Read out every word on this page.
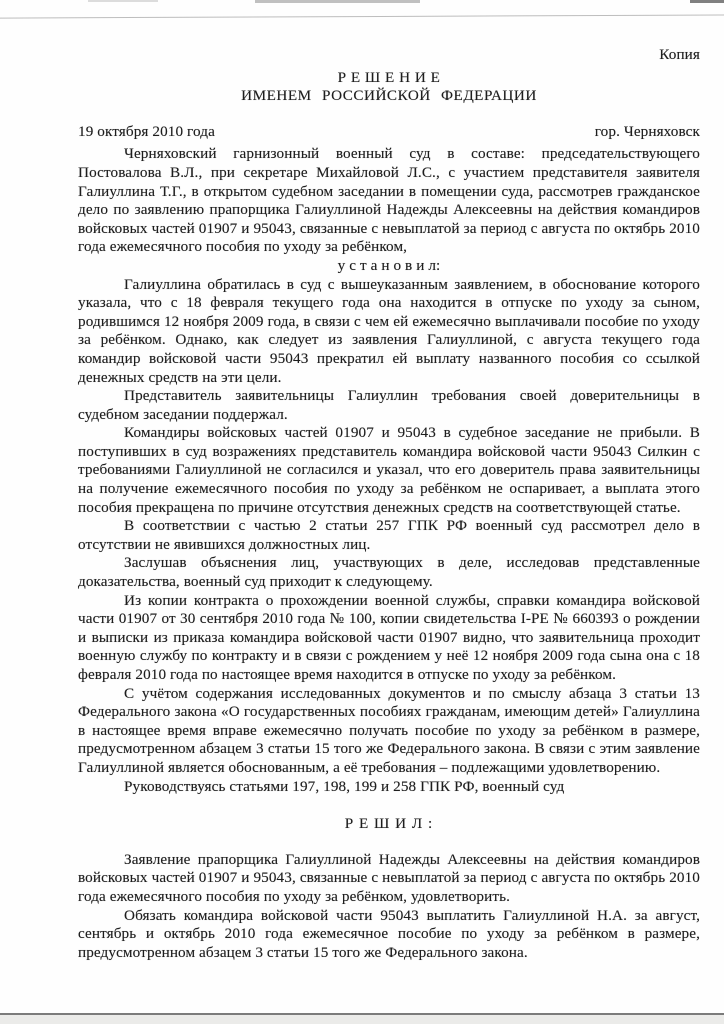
Копия
Р Е Ш Е Н И Е
ИМЕНЕМ РОССИЙСКОЙ ФЕДЕРАЦИИ
19 октября 2010 года	гор. Черняховск

Черняховский гарнизонный военный суд в составе: председательствующего Постовалова В.Л., при секретаре Михайловой Л.С., с участием представителя заявителя Галиуллина Т.Г., в открытом судебном заседании в помещении суда, рассмотрев гражданское дело по заявлению прапорщика Галиуллиной Надежды Алексеевны на действия командиров войсковых частей 01907 и 95043, связанные с невыплатой за период с августа по октябрь 2010 года ежемесячного пособия по уходу за ребёнком,

у с т а н о в и л:

Галиуллина обратилась в суд с вышеуказанным заявлением, в обоснование которого указала, что с 18 февраля текущего года она находится в отпуске по уходу за сыном, родившимся 12 ноября 2009 года, в связи с чем ей ежемесячно выплачивали пособие по уходу за ребёнком. Однако, как следует из заявления Галиуллиной, с августа текущего года командир войсковой части 95043 прекратил ей выплату названного пособия со ссылкой денежных средств на эти цели.

Представитель заявительницы Галиуллин требования своей доверительницы в судебном заседании поддержал.

Командиры войсковых частей 01907 и 95043 в судебное заседание не прибыли. В поступивших в суд возражениях представитель командира войсковой части 95043 Силкин с требованиями Галиуллиной не согласился и указал, что его доверитель права заявительницы на получение ежемесячного пособия по уходу за ребёнком не оспаривает, а выплата этого пособия прекращена по причине отсутствия денежных средств на соответствующей статье.

В соответствии с частью 2 статьи 257 ГПК РФ военный суд рассмотрел дело в отсутствии не явившихся должностных лиц.

Заслушав объяснения лиц, участвующих в деле, исследовав представленные доказательства, военный суд приходит к следующему.

Из копии контракта о прохождении военной службы, справки командира войсковой части 01907 от 30 сентября 2010 года № 100, копии свидетельства I-РЕ № 660393 о рождении и выписки из приказа командира войсковой части 01907 видно, что заявительница проходит военную службу по контракту и в связи с рождением у неё 12 ноября 2009 года сына она с 18 февраля 2010 года по настоящее время находится в отпуске по уходу за ребёнком.

С учётом содержания исследованных документов и по смыслу абзаца 3 статьи 13 Федерального закона «О государственных пособиях гражданам, имеющим детей» Галиуллина в настоящее время вправе ежемесячно получать пособие по уходу за ребёнком в размере, предусмотренном абзацем 3 статьи 15 того же Федерального закона. В связи с этим заявление Галиуллиной является обоснованным, а её требования – подлежащими удовлетворению.

Руководствуясь статьями 197, 198, 199 и 258 ГПК РФ, военный суд

Р Е Ш И Л :

Заявление прапорщика Галиуллиной Надежды Алексеевны на действия командиров войсковых частей 01907 и 95043, связанные с невыплатой за период с августа по октябрь 2010 года ежемесячного пособия по уходу за ребёнком, удовлетворить.

Обязать командира войсковой части 95043 выплатить Галиуллиной Н.А. за август, сентябрь и октябрь 2010 года ежемесячное пособие по уходу за ребёнком в размере, предусмотренном абзацем 3 статьи 15 того же Федерального закона.
